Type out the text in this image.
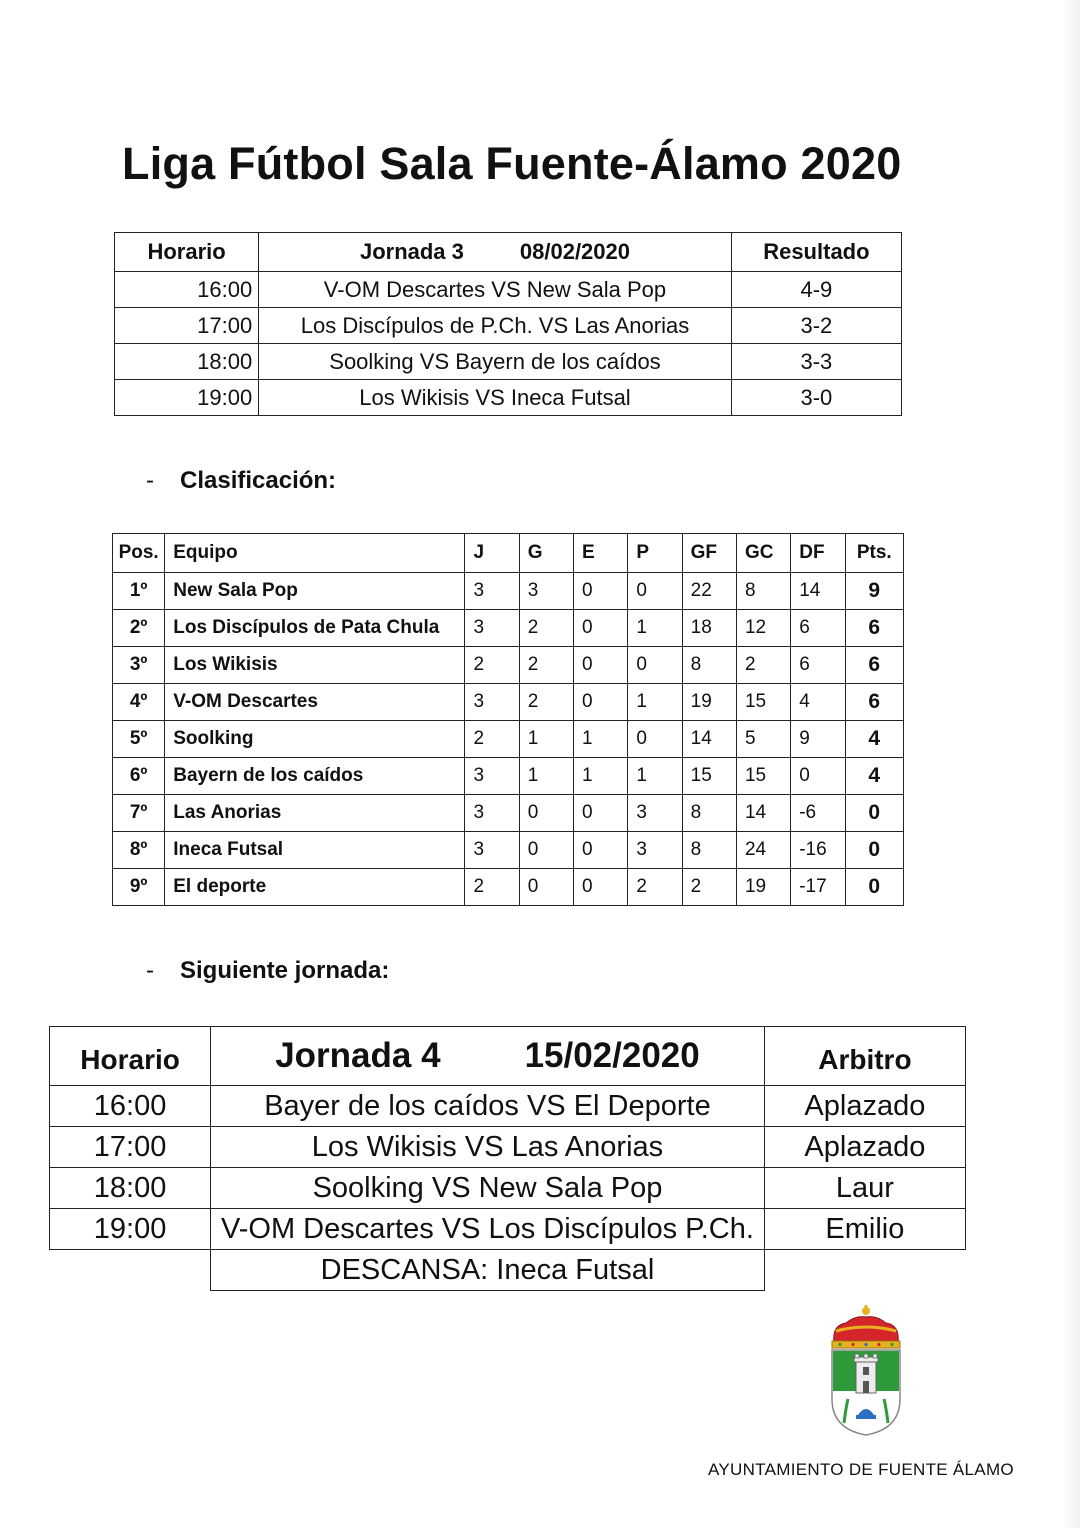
Liga Fútbol Sala Fuente-Álamo 2020
Horario	Jornada 3 08/02/2020	Resultado
16:00	V-OM Descartes VS New Sala Pop	4-9
17:00	Los Discípulos de P.Ch. VS Las Anorias	3-2
18:00	Soolking VS Bayern de los caídos	3-3
19:00	Los Wikisis VS Ineca Futsal	3-0
- Clasificación:
Pos.	Equipo	J	G	E	P	GF	GC	DF	Pts.
1º	New Sala Pop	3	3	0	0	22	8	14	9
2º	Los Discípulos de Pata Chula	3	2	0	1	18	12	6	6
3º	Los Wikisis	2	2	0	0	8	2	6	6
4º	V-OM Descartes	3	2	0	1	19	15	4	6
5º	Soolking	2	1	1	0	14	5	9	4
6º	Bayern de los caídos	3	1	1	1	15	15	0	4
7º	Las Anorias	3	0	0	3	8	14	-6	0
8º	Ineca Futsal	3	0	0	3	8	24	-16	0
9º	El deporte	2	0	0	2	2	19	-17	0
- Siguiente jornada:
Horario	Jornada 4 15/02/2020	Arbitro
16:00	Bayer de los caídos VS El Deporte	Aplazado
17:00	Los Wikisis VS Las Anorias	Aplazado
18:00	Soolking VS New Sala Pop	Laur
19:00	V-OM Descartes VS Los Discípulos P.Ch.	Emilio
	DESCANSA: Ineca Futsal	
AYUNTAMIENTO DE FUENTE ÁLAMO
